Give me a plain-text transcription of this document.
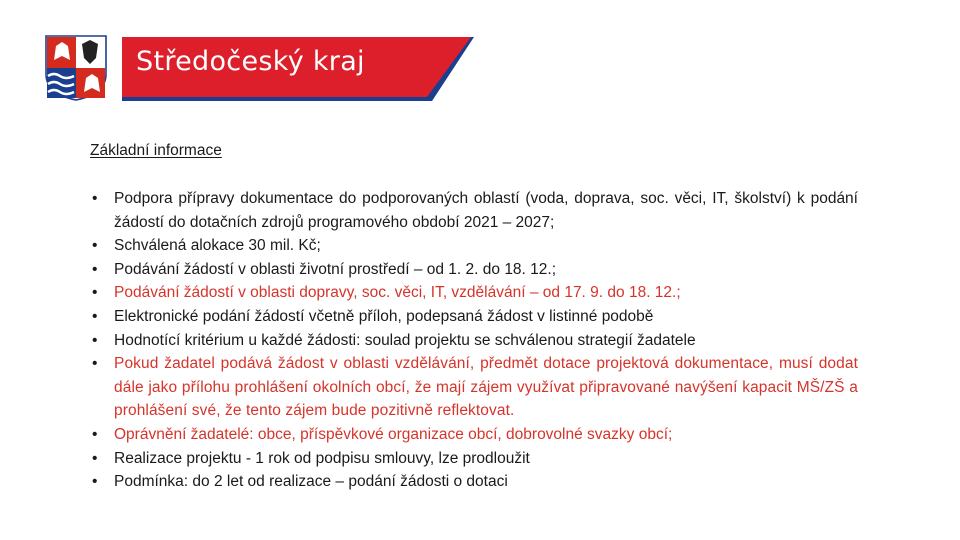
Středočeský kraj
Základní informace
• Podpora přípravy dokumentace do podporovaných oblastí (voda, doprava, soc. věci, IT, školství) k podání žádostí do dotačních zdrojů programového období 2021 – 2027;
• Schválená alokace 30 mil. Kč;
• Podávání žádostí v oblasti životní prostředí – od 1. 2. do 18. 12.;
• Podávání žádostí v oblasti dopravy, soc. věci, IT, vzdělávání – od 17. 9. do 18. 12.;
• Elektronické podání žádostí včetně příloh, podepsaná žádost v listinné podobě
• Hodnotící kritérium u každé žádosti: soulad projektu se schválenou strategií žadatele
• Pokud žadatel podává žádost v oblasti vzdělávání, předmět dotace projektová dokumentace, musí dodat dále jako přílohu prohlášení okolních obcí, že mají zájem využívat připravované navýšení kapacit MŠ/ZŠ a prohlášení své, že tento zájem bude pozitivně reflektovat.
• Oprávnění žadatelé: obce, příspěvkové organizace obcí, dobrovolné svazky obcí;
• Realizace projektu - 1 rok od podpisu smlouvy, lze prodloužit
• Podmínka: do 2 let od realizace – podání žádosti o dotaci
